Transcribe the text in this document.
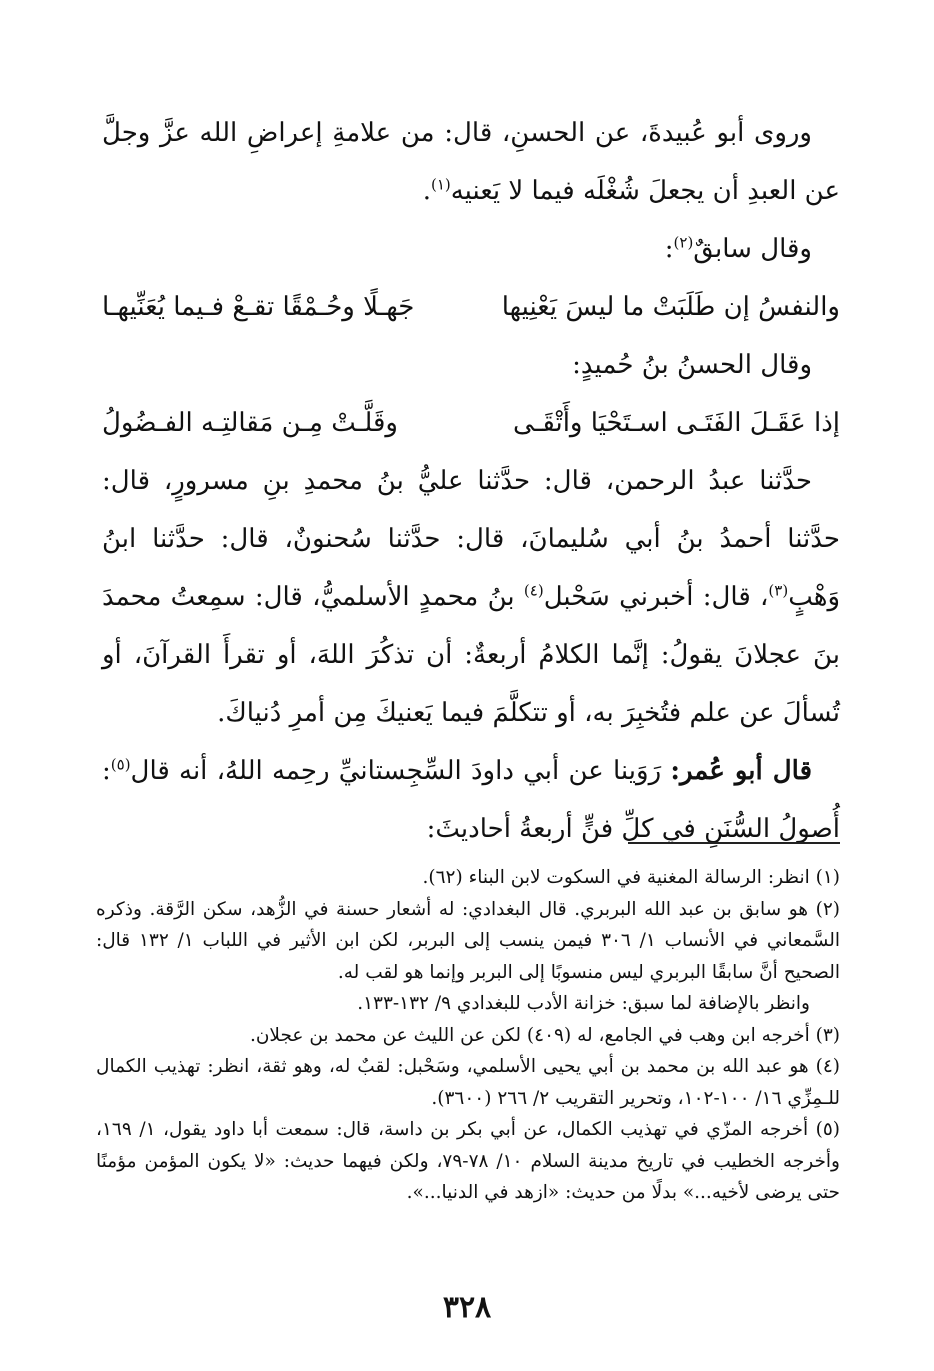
وروى أبو عُبيدةَ، عن الحسنِ، قال: من علامةِ إعراضِ الله عزَّ وجلَّ عن العبدِ أن يجعلَ شُغْلَه فيما لا يَعنيه$^{(١)}$.

وقال سابقٌ$^{(٢)}$:

والنفسُ إن طَلَبَتْ ما ليسَ يَعْنِيها
جَهـلًا وحُـمْقًا تقـعْ فـيما يُعَنِّيهـا

وقال الحسنُ بنُ حُميدٍ:

إذا عَقَـلَ الفَتَـى اسـتَحْيَا وأَتْقَـى
وقَلَّـتْ مِـن مَقالتِـه الفـضُولُ

حدَّثنا عبدُ الرحمن، قال: حدَّثنا عليُّ بنُ محمدِ بنِ مسرورٍ، قال: حدَّثنا أحمدُ بنُ أبي سُليمانَ، قال: حدَّثنا سُحنونٌ، قال: حدَّثنا ابنُ وَهْبٍ$^{(٣)}$، قال: أخبرني سَحْبل$^{(٤)}$ بنُ محمدٍ الأسلميُّ، قال: سمِعتُ محمدَ بنَ عجلانَ يقولُ: إنَّما الكلامُ أربعةٌ: أن تذكُرَ اللهَ، أو تقرأَ القرآنَ، أو تُسألَ عن علم فتُخبِرَ به، أو تتكلَّمَ فيما يَعنيكَ مِن أمرِ دُنياكَ.

قال أبو عُمر: رَوَينا عن أبي داودَ السِّجِستانيِّ رحِمه اللهُ، أنه قال$^{(٥)}$: أُصولُ السُّنَنِ في كلِّ فنٍّ أربعةُ أحاديثَ:

(١) انظر: الرسالة المغنية في السكوت لابن البناء (٦٢).

(٢) هو سابق بن عبد الله البربري. قال البغدادي: له أشعار حسنة في الزُّهد، سكن الرَّقة. وذكره السَّمعاني في الأنساب ١/ ٣٠٦ فيمن ينسب إلى البربر، لكن ابن الأثير في اللباب ١/ ١٣٢ قال: الصحيح أنَّ سابقًا البربري ليس منسوبًا إلى البربر وإنما هو لقب له.

وانظر بالإضافة لما سبق: خزانة الأدب للبغدادي ٩/ ١٣٢-١٣٣.

(٣) أخرجه ابن وهب في الجامع، له (٤٠٩) لكن عن الليث عن محمد بن عجلان.

(٤) هو عبد الله بن محمد بن أبي يحيى الأسلمي، وسَحْبل: لقبٌ له، وهو ثقة، انظر: تهذيب الكمال للـمِزِّي ١٦/ ١٠٠-١٠٢، وتحرير التقريب ٢/ ٢٦٦ (٣٦٠٠).

(٥) أخرجه المزّي في تهذيب الكمال، عن أبي بكر بن داسة، قال: سمعت أبا داود يقول، ١/ ١٦٩، وأخرجه الخطيب في تاريخ مدينة السلام ١٠/ ٧٨-٧٩، ولكن فيهما حديث: «لا يكون المؤمن مؤمنًا حتى يرضى لأخيه...» بدلًا من حديث: «ازهد في الدنيا...».

٣٢٨
